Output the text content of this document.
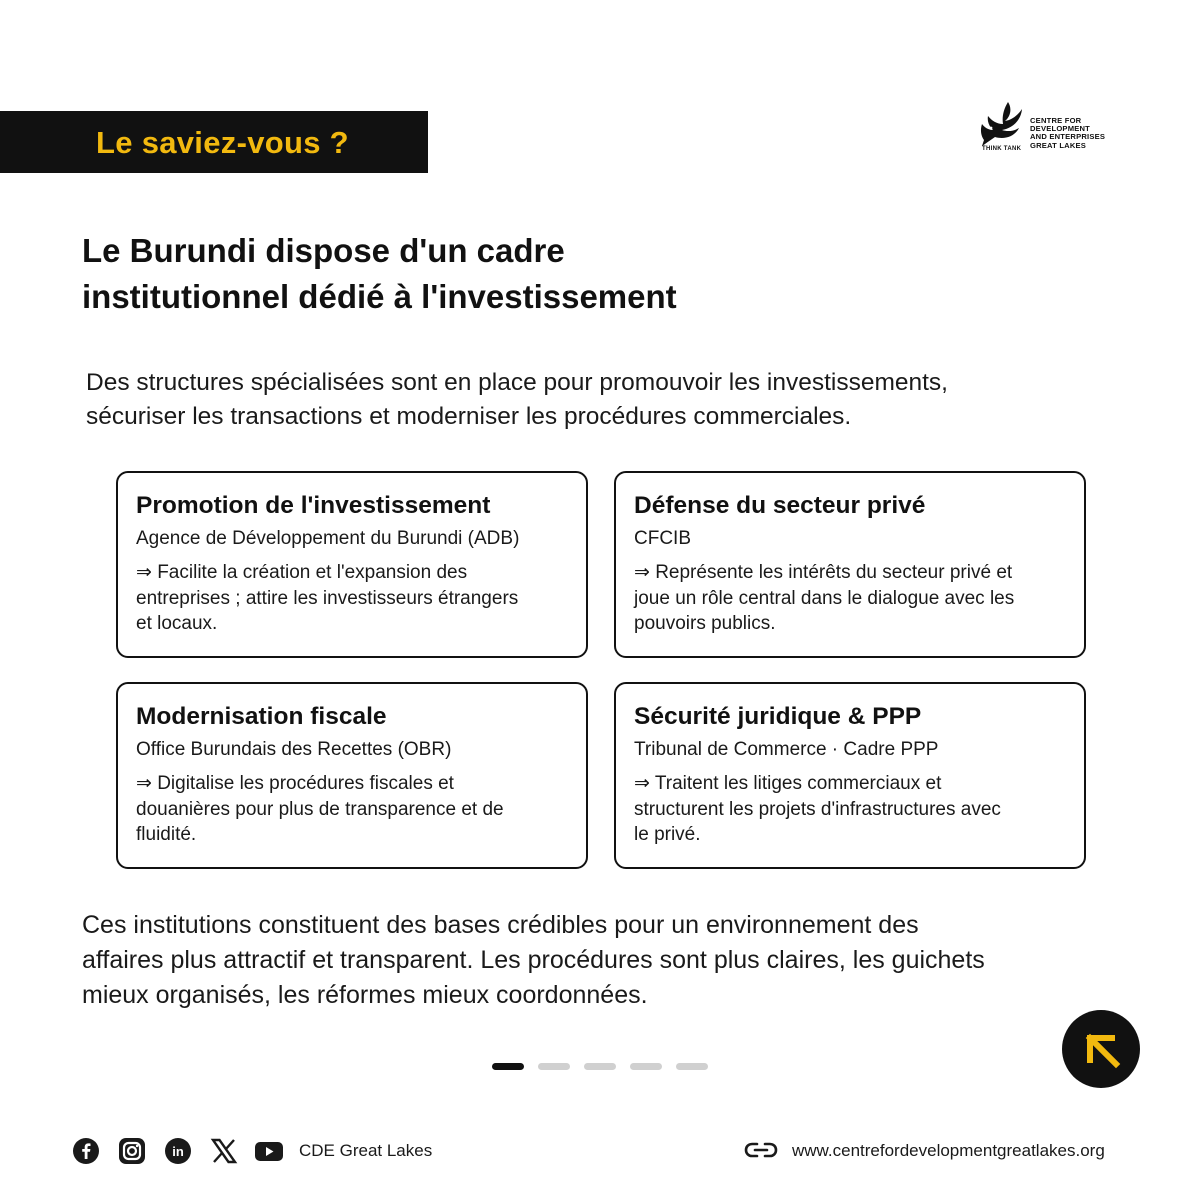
Le saviez-vous ?
CENTRE FOR
DEVELOPMENT
AND ENTERPRISES
GREAT LAKES
THINK TANK
Le Burundi dispose d'un cadre
institutionnel dédié à l'investissement
Des structures spécialisées sont en place pour promouvoir les investissements,
sécuriser les transactions et moderniser les procédures commerciales.
Promotion de l'investissement
Agence de Développement du Burundi (ADB)
⇒ Facilite la création et l'expansion des
entreprises ; attire les investisseurs étrangers
et locaux.
Défense du secteur privé
CFCIB
⇒ Représente les intérêts du secteur privé et
joue un rôle central dans le dialogue avec les
pouvoirs publics.
Modernisation fiscale
Office Burundais des Recettes (OBR)
⇒ Digitalise les procédures fiscales et
douanières pour plus de transparence et de
fluidité.
Sécurité juridique & PPP
Tribunal de Commerce · Cadre PPP
⇒ Traitent les litiges commerciaux et
structurent les projets d'infrastructures avec
le privé.
Ces institutions constituent des bases crédibles pour un environnement des
affaires plus attractif et transparent. Les procédures sont plus claires, les guichets
mieux organisés, les réformes mieux coordonnées.
in	CDE Great Lakes	www.centrefordevelopmentgreatlakes.org
